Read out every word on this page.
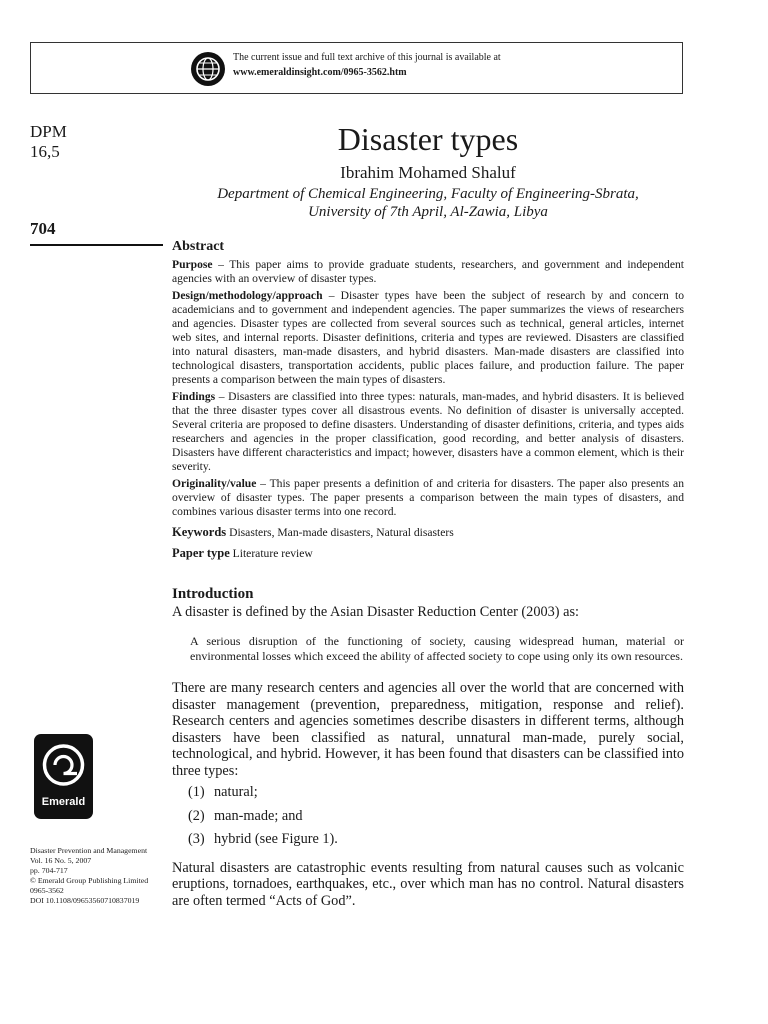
The current issue and full text archive of this journal is available at
www.emeraldinsight.com/0965-3562.htm
DPM
16,5
704
Disaster types
Ibrahim Mohamed Shaluf
Department of Chemical Engineering, Faculty of Engineering-Sbrata,
University of 7th April, Al-Zawia, Libya
Abstract

Purpose – This paper aims to provide graduate students, researchers, and government and independent agencies with an overview of disaster types.

Design/methodology/approach – Disaster types have been the subject of research by and concern to academicians and to government and independent agencies. The paper summarizes the views of researchers and agencies. Disaster types are collected from several sources such as technical, general articles, internet web sites, and internal reports. Disaster definitions, criteria and types are reviewed. Disasters are classified into natural disasters, man-made disasters, and hybrid disasters. Man-made disasters are classified into technological disasters, transportation accidents, public places failure, and production failure. The paper presents a comparison between the main types of disasters.

Findings – Disasters are classified into three types: naturals, man-mades, and hybrid disasters. It is believed that the three disaster types cover all disastrous events. No definition of disaster is universally accepted. Several criteria are proposed to define disasters. Understanding of disaster definitions, criteria, and types aids researchers and agencies in the proper classification, good recording, and better analysis of disasters. Disasters have different characteristics and impact; however, disasters have a common element, which is their severity.

Originality/value – This paper presents a definition of and criteria for disasters. The paper also presents an overview of disaster types. The paper presents a comparison between the main types of disasters, and combines various disaster terms into one record.

Keywords Disasters, Man-made disasters, Natural disasters

Paper type Literature review

Introduction

A disaster is defined by the Asian Disaster Reduction Center (2003) as:

A serious disruption of the functioning of society, causing widespread human, material or environmental losses which exceed the ability of affected society to cope using only its own resources.

There are many research centers and agencies all over the world that are concerned with disaster management (prevention, preparedness, mitigation, response and relief). Research centers and agencies sometimes describe disasters in different terms, although disasters have been classified as natural, unnatural man-made, purely social, technological, and hybrid. However, it has been found that disasters can be classified into three types:

(1) natural;
(2) man-made; and
(3) hybrid (see Figure 1).

Natural disasters are catastrophic events resulting from natural causes such as volcanic eruptions, tornadoes, earthquakes, etc., over which man has no control. Natural disasters are often termed “Acts of God”.

Emerald
Disaster Prevention and Management
Vol. 16 No. 5, 2007
pp. 704-717
© Emerald Group Publishing Limited
0965-3562
DOI 10.1108/09653560710837019
